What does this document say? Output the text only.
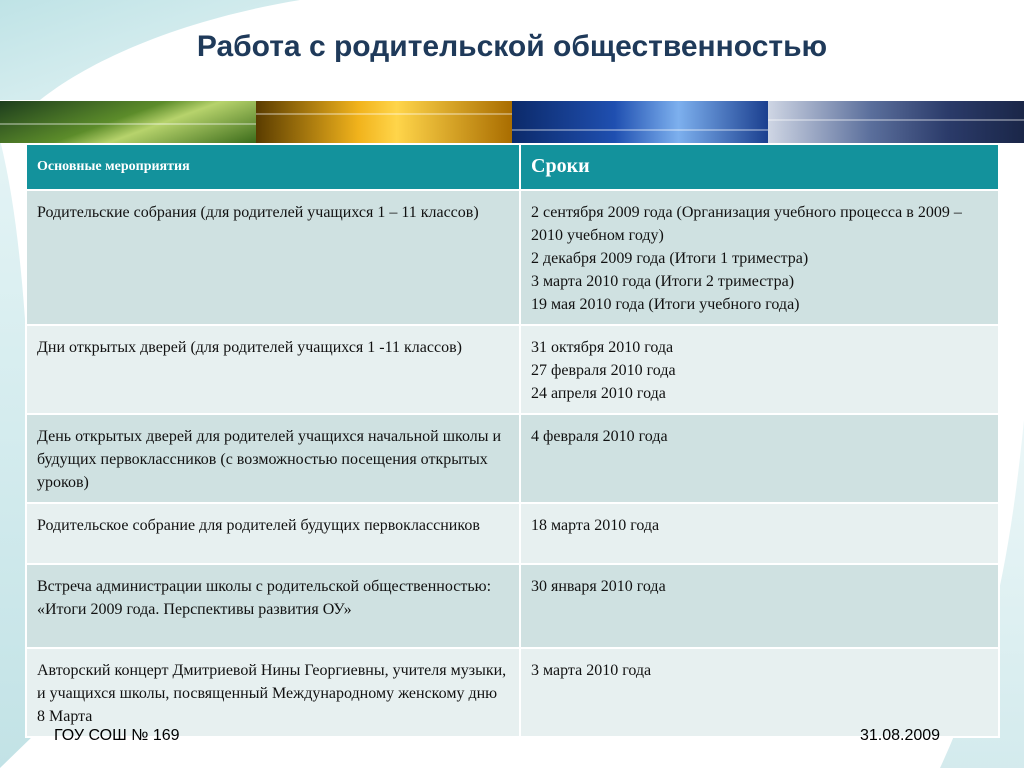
Работа с родительской общественностью
Основные мероприятия	Сроки
Родительские собрания (для родителей учащихся 1 – 11 классов)	2 сентября 2009 года (Организация учебного процесса в 2009 – 2010 учебном году)
2 декабря 2009 года (Итоги 1 триместра)
3 марта 2010 года (Итоги 2 триместра)
19 мая 2010 года (Итоги учебного года)

Дни открытых дверей (для родителей учащихся 1 -11 классов)	31 октября 2010 года
27 февраля 2010 года
24 апреля 2010 года

День открытых дверей для родителей учащихся начальной школы и будущих первоклассников (с возможностью посещения открытых уроков)	4 февраля 2010 года

Родительское собрание для родителей будущих первоклассников	18 марта 2010 года

Встреча администрации школы с родительской общественностью: «Итоги 2009 года. Перспективы развития ОУ»	30 января 2010 года

Авторский концерт Дмитриевой Нины Георгиевны, учителя музыки, и учащихся школы, посвященный Международному женскому дню 8 Марта	3 марта 2010 года
ГОУ СОШ № 169	31.08.2009
